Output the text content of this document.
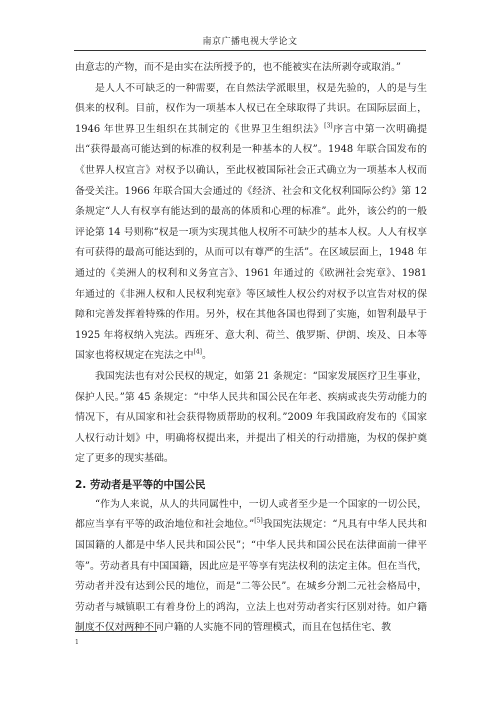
南京广播电视大学论文

由意志的产物，而不是由实在法所授予的，也不能被实在法所剥夺或取消。”

是人人不可缺乏的一种需要，在自然法学派眼里，权是先验的，人的是与生俱来的权利。目前，权作为一项基本人权已在全球取得了共识。在国际层面上，1946 年世界卫生组织在其制定的《世界卫生组织法》[3]序言中第一次明确提出“获得最高可能达到的标准的权利是一种基本的人权”。1948 年联合国发布的《世界人权宣言》对权予以确认，至此权被国际社会正式确立为一项基本人权而备受关注。1966 年联合国大会通过的《经济、社会和文化权利国际公约》第 12 条规定“人人有权享有能达到的最高的体质和心理的标准”。此外，该公约的一般评论第 14 号则称“权是一项为实现其他人权所不可缺少的基本人权。人人有权享有可获得的最高可能达到的，从而可以有尊严的生活”。在区域层面上，1948 年通过的《美洲人的权利和义务宣言》、1961 年通过的《欧洲社会宪章》、1981 年通过的《非洲人权和人民权利宪章》等区域性人权公约对权予以宣告对权的保障和完善发挥着特殊的作用。另外，权在其他各国也得到了实施，如智利最早于 1925 年将权纳入宪法。西班牙、意大利、荷兰、俄罗斯、伊朗、埃及、日本等国家也将权规定在宪法之中[4]。

我国宪法也有对公民权的规定，如第 21 条规定：“国家发展医疗卫生事业，保护人民。”第 45 条规定：“中华人民共和国公民在年老、疾病或丧失劳动能力的情况下，有从国家和社会获得物质帮助的权利。”2009 年我国政府发布的《国家人权行动计划》中，明确将权提出来，并提出了相关的行动措施，为权的保护奠定了更多的现实基础。

2. 劳动者是平等的中国公民

“作为人来说，从人的共同属性中，一切人或者至少是一个国家的一切公民，都应当享有平等的政治地位和社会地位。”[5]我国宪法规定：“凡具有中华人民共和国国籍的人都是中华人民共和国公民”；“中华人民共和国公民在法律面前一律平等”。劳动者具有中国国籍，因此应是平等享有宪法权利的法定主体。但在当代，劳动者并没有达到公民的地位，而是“二等公民”。在城乡分割二元社会格局中，劳动者与城镇职工有着身份上的鸿沟，立法上也对劳动者实行区别对待。如户籍制度不仅对两种不同户籍的人实施不同的管理模式，而且在包括住宅、教

1
